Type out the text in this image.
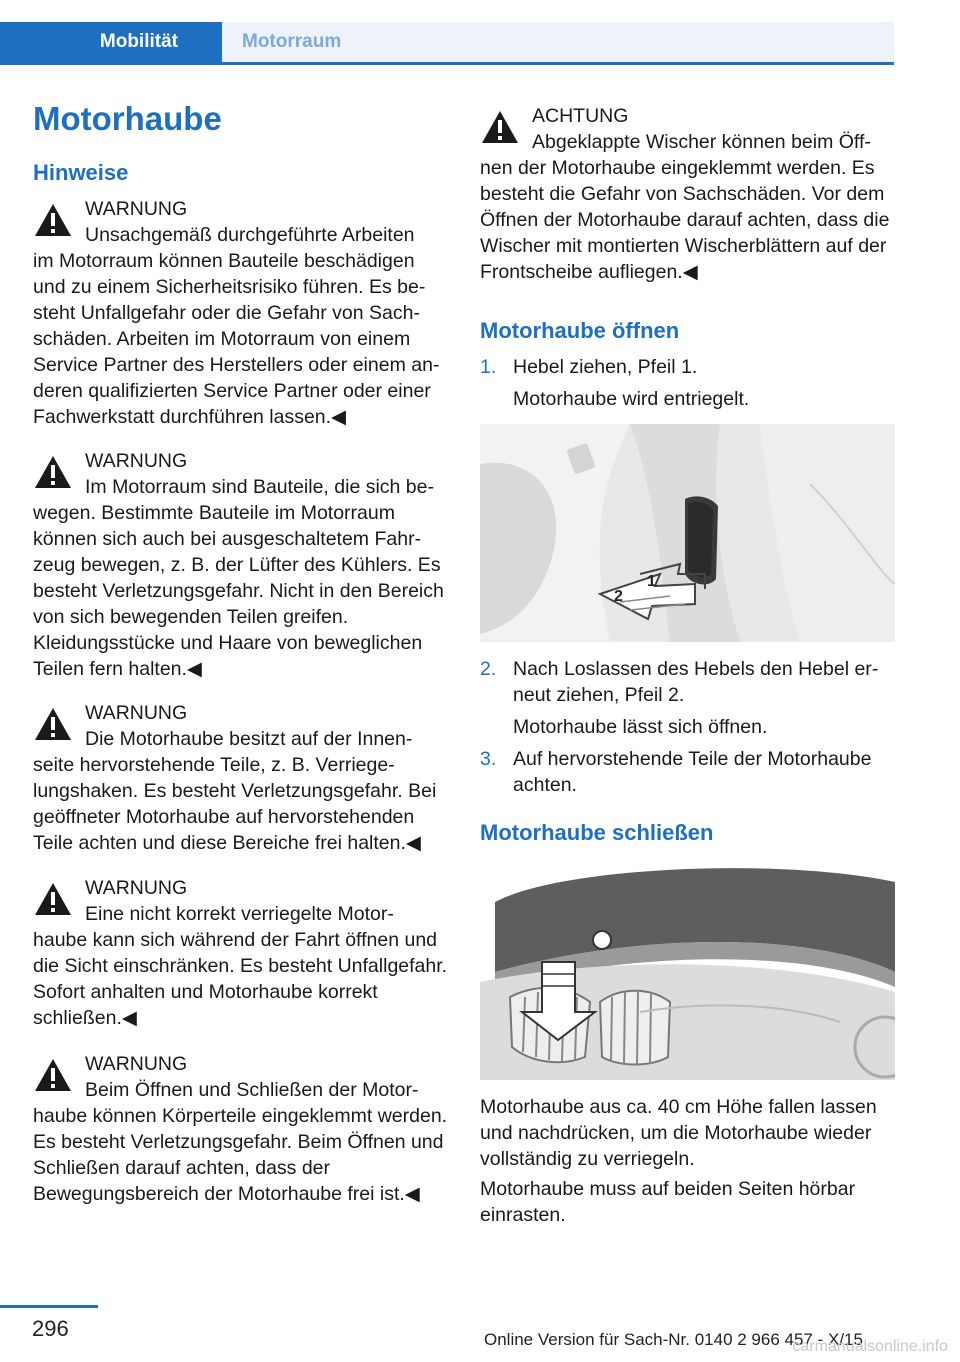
Mobilität	Motorraum
Motorhaube
Hinweise
WARNUNG
Unsachgemäß durchgeführte Arbeiten
im Motorraum können Bauteile beschädigen und zu einem Sicherheitsrisiko führen. Es besteht Unfallgefahr oder die Gefahr von Sachschäden. Arbeiten im Motorraum von einem Service Partner des Herstellers oder einem anderen qualifizierten Service Partner oder einer Fachwerkstatt durchführen lassen.◀
WARNUNG
Im Motorraum sind Bauteile, die sich be‐
wegen. Bestimmte Bauteile im Motorraum können sich auch bei ausgeschaltetem Fahrzeug bewegen, z. B. der Lüfter des Kühlers. Es besteht Verletzungsgefahr. Nicht in den Bereich von sich bewegenden Teilen greifen. Kleidungsstücke und Haare von beweglichen Teilen fern halten.◀
WARNUNG
Die Motorhaube besitzt auf der Innen‐
seite hervorstehende Teile, z. B. Verriegelungshaken. Es besteht Verletzungsgefahr. Bei geöffneter Motorhaube auf hervorstehenden Teile achten und diese Bereiche frei halten.◀
WARNUNG
Eine nicht korrekt verriegelte Motor‐
haube kann sich während der Fahrt öffnen und die Sicht einschränken. Es besteht Unfallgefahr. Sofort anhalten und Motorhaube korrekt schließen.◀
WARNUNG
Beim Öffnen und Schließen der Motor‐
haube können Körperteile eingeklemmt werden. Es besteht Verletzungsgefahr. Beim Öffnen und Schließen darauf achten, dass der Bewegungsbereich der Motorhaube frei ist.◀
ACHTUNG
Abgeklappte Wischer können beim Öff‐
nen der Motorhaube eingeklemmt werden. Es besteht die Gefahr von Sachschäden. Vor dem Öffnen der Motorhaube darauf achten, dass die Wischer mit montierten Wischerblättern auf der Frontscheibe aufliegen.◀
Motorhaube öffnen
1. Hebel ziehen, Pfeil 1.
Motorhaube wird entriegelt.
1
2
2. Nach Loslassen des Hebels den Hebel erneut ziehen, Pfeil 2.
Motorhaube lässt sich öffnen.
3. Auf hervorstehende Teile der Motorhaube achten.
Motorhaube schließen
Motorhaube aus ca. 40 cm Höhe fallen lassen und nachdrücken, um die Motorhaube wieder vollständig zu verriegeln.
Motorhaube muss auf beiden Seiten hörbar einrasten.
296	Online Version für Sach-Nr. 0140 2 966 457 - X/15
carmanualsonline.info
